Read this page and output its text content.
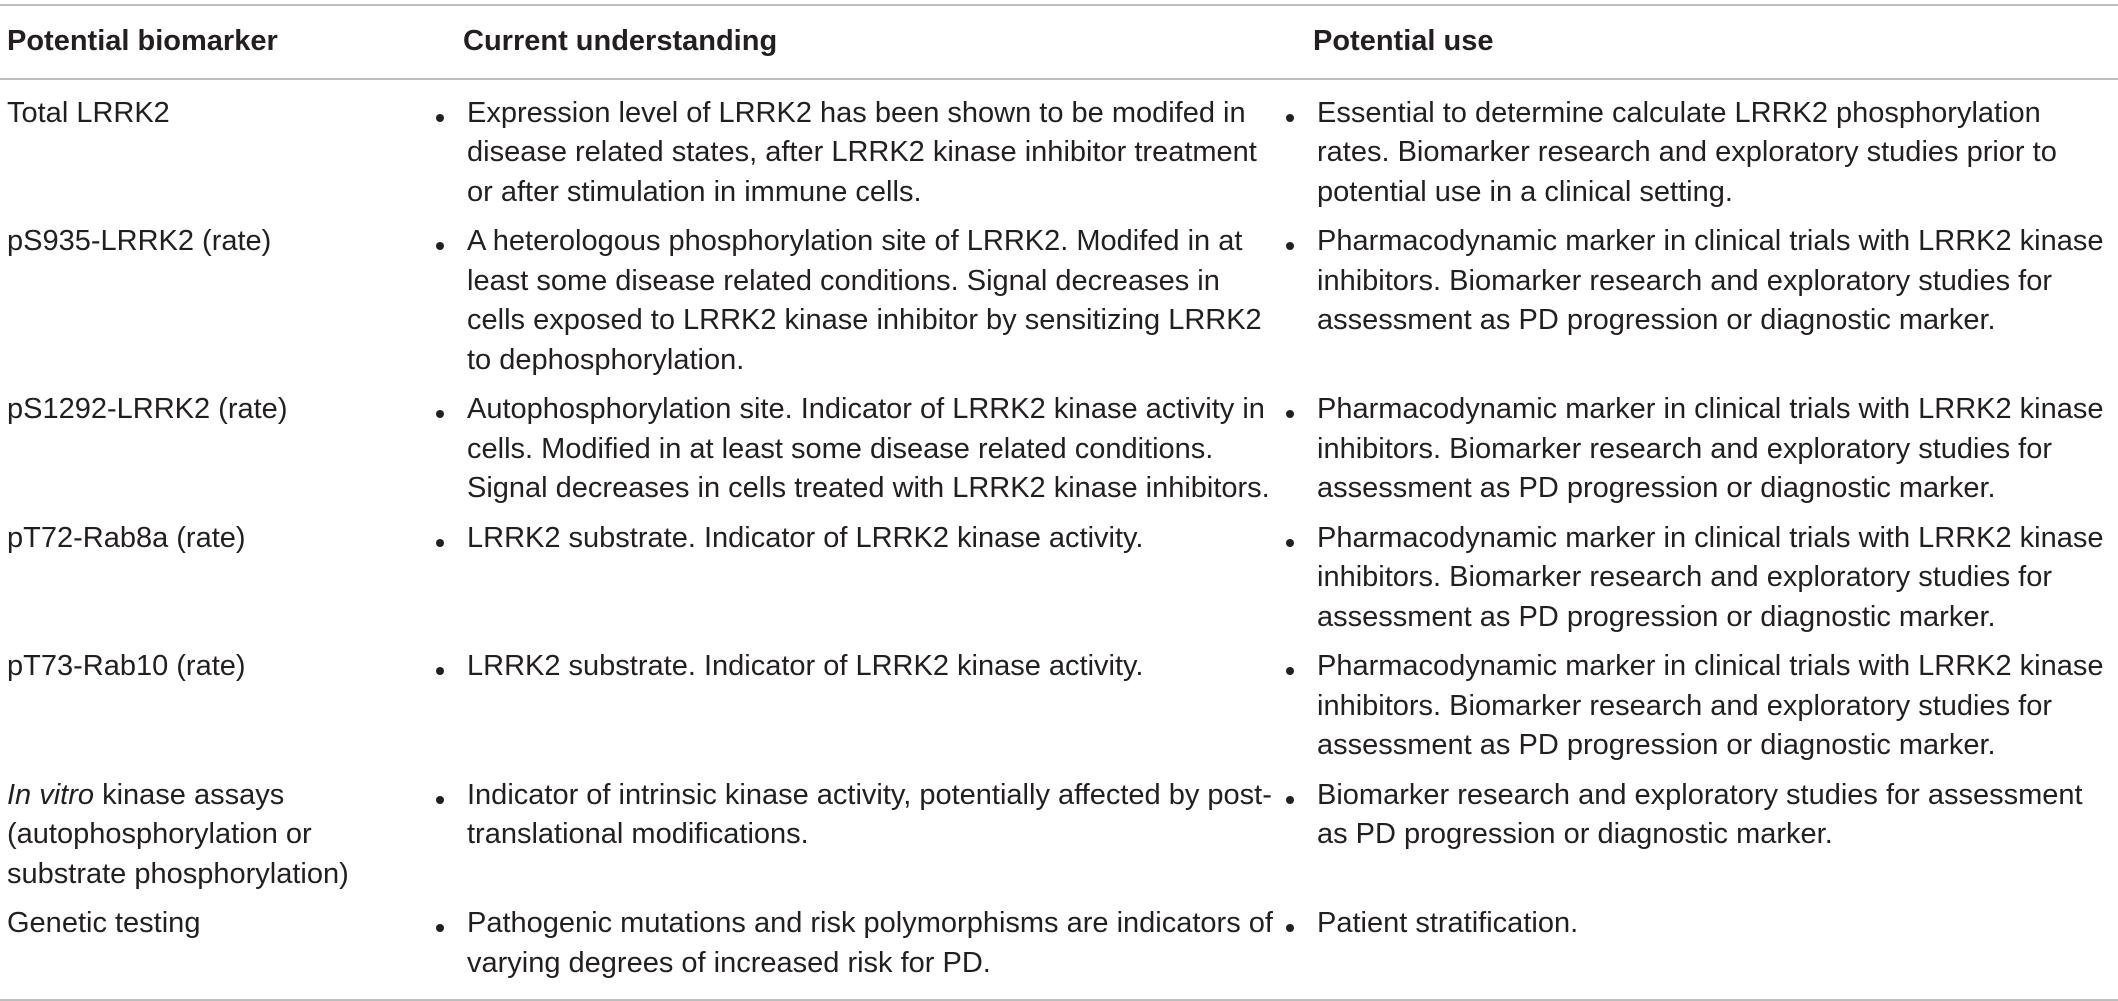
Potential biomarker	Current understanding	Potential use
Total LRRK2	Expression level of LRRK2 has been shown to be modifed in disease related states, after LRRK2 kinase inhibitor treatment or after stimulation in immune cells.	Essential to determine calculate LRRK2 phosphorylation rates. Biomarker research and exploratory studies prior to potential use in a clinical setting.

pS935-LRRK2 (rate)	A heterologous phosphorylation site of LRRK2. Modifed in at least some disease related conditions. Signal decreases in cells exposed to LRRK2 kinase inhibitor by sensitizing LRRK2 to dephosphorylation.	Pharmacodynamic marker in clinical trials with LRRK2 kinase inhibitors. Biomarker research and exploratory studies for assessment as PD progression or diagnostic marker.

pS1292-LRRK2 (rate)	Autophosphorylation site. Indicator of LRRK2 kinase activity in cells. Modified in at least some disease related conditions. Signal decreases in cells treated with LRRK2 kinase inhibitors.	Pharmacodynamic marker in clinical trials with LRRK2 kinase inhibitors. Biomarker research and exploratory studies for assessment as PD progression or diagnostic marker.

pT72-Rab8a (rate)	LRRK2 substrate. Indicator of LRRK2 kinase activity.	Pharmacodynamic marker in clinical trials with LRRK2 kinase inhibitors. Biomarker research and exploratory studies for assessment as PD progression or diagnostic marker.

pT73-Rab10 (rate)	LRRK2 substrate. Indicator of LRRK2 kinase activity.	Pharmacodynamic marker in clinical trials with LRRK2 kinase inhibitors. Biomarker research and exploratory studies for assessment as PD progression or diagnostic marker.

In vitro kinase assays (autophosphorylation or substrate phosphorylation)	Indicator of intrinsic kinase activity, potentially affected by post-translational modifications.	Biomarker research and exploratory studies for assessment as PD progression or diagnostic marker.

Genetic testing	Pathogenic mutations and risk polymorphisms are indicators of varying degrees of increased risk for PD.	Patient stratification.
